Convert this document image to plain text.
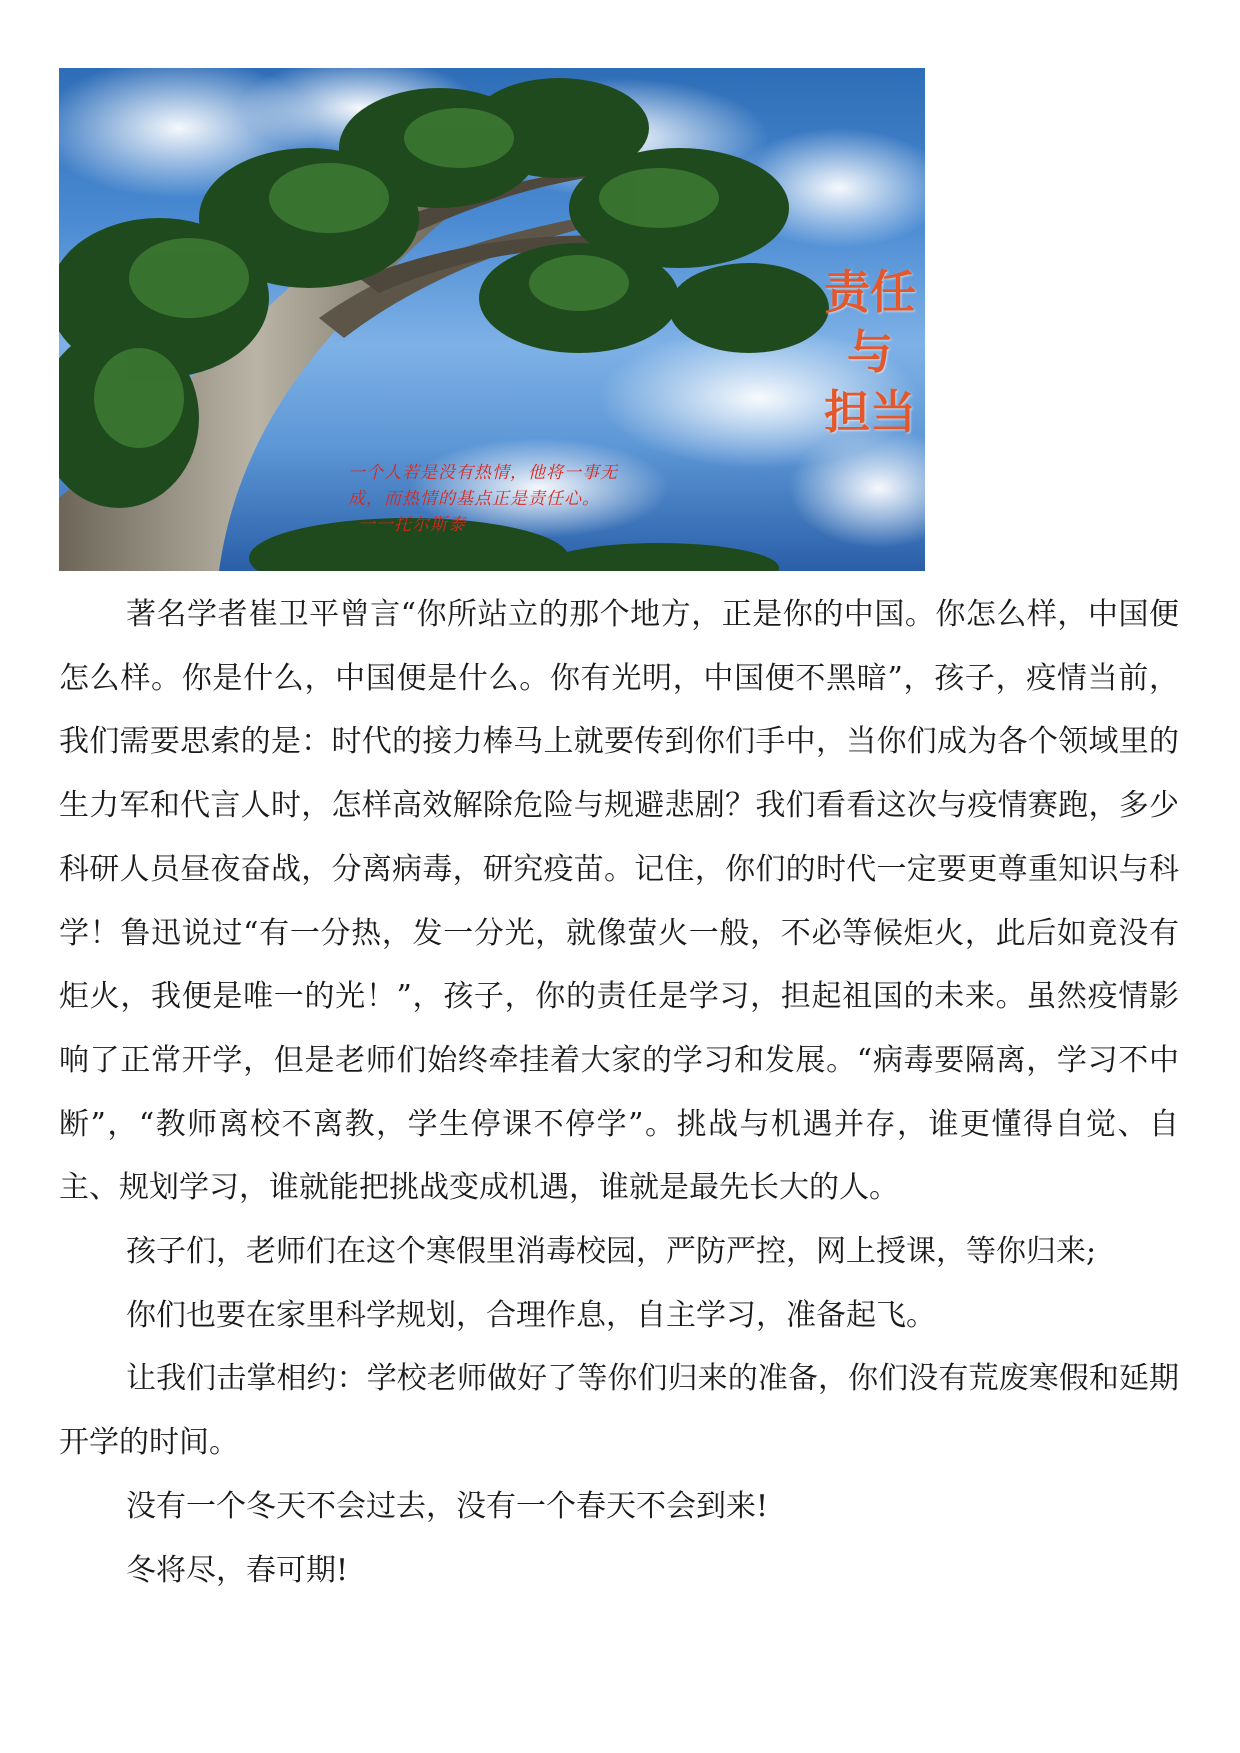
责任
与
担当
一个人若是没有热情，他将一事无
成，而热情的基点正是责任心。
一一托尔斯泰

著名学者崔卫平曾言“你所站立的那个地方，正是你的中国。你怎么样，中国便怎么样。你是什么，中国便是什么。你有光明，中国便不黑暗”，孩子，疫情当前，我们需要思索的是：时代的接力棒马上就要传到你们手中，当你们成为各个领域里的生力军和代言人时，怎样高效解除危险与规避悲剧？我们看看这次与疫情赛跑，多少科研人员昼夜奋战，分离病毒，研究疫苗。记住，你们的时代一定要更尊重知识与科学！鲁迅说过“有一分热，发一分光，就像萤火一般，不必等候炬火，此后如竟没有炬火，我便是唯一的光！”，孩子，你的责任是学习，担起祖国的未来。虽然疫情影响了正常开学，但是老师们始终牵挂着大家的学习和发展。“病毒要隔离，学习不中断”，“教师离校不离教，学生停课不停学”。挑战与机遇并存，谁更懂得自觉、自主、规划学习，谁就能把挑战变成机遇，谁就是最先长大的人。

孩子们，老师们在这个寒假里消毒校园，严防严控，网上授课，等你归来;

你们也要在家里科学规划，合理作息，自主学习，准备起飞。

让我们击掌相约：学校老师做好了等你们归来的准备，你们没有荒废寒假和延期开学的时间。

没有一个冬天不会过去，没有一个春天不会到来!

冬将尽，春可期!
